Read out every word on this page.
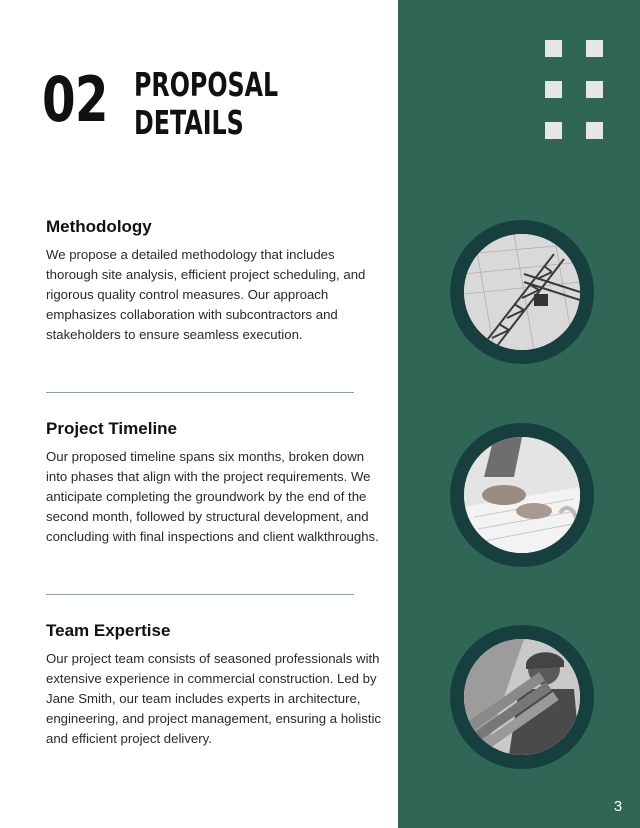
02 PROPOSAL
DETAILS
Methodology

We propose a detailed methodology that includes thorough site analysis, efficient project scheduling, and rigorous quality control measures. Our approach emphasizes collaboration with subcontractors and stakeholders to ensure seamless execution.

Project Timeline

Our proposed timeline spans six months, broken down into phases that align with the project requirements. We anticipate completing the groundwork by the end of the second month, followed by structural development, and concluding with final inspections and client walkthroughs.

Team Expertise

Our project team consists of seasoned professionals with extensive experience in commercial construction. Led by Jane Smith, our team includes experts in architecture, engineering, and project management, ensuring a holistic and efficient project delivery.

3
